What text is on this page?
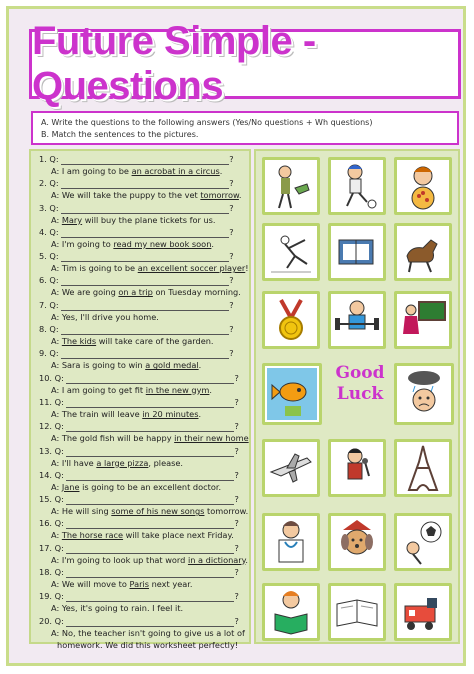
Future Simple - Questions
A. Write the questions to the following answers (Yes/No questions + Wh questions)
B. Match the sentences to the pictures.
1. Q:	?
A: I am going to be an acrobat in a circus.
2. Q:	?
A: We will take the puppy to the vet tomorrow.
3. Q:	?
A: Mary will buy the plane tickets for us.
4. Q:	?
A: I'm going to read my new book soon.
5. Q:	?
A: Tim is going to be an excellent soccer player!
6. Q:	?
A: We are going on a trip on Tuesday morning.
7. Q:	?
A: Yes, I'll drive you home.
8. Q:	?
A: The kids will take care of the garden.
9. Q:	?
A: Sara is going to win a gold medal.
10. Q:	?
A: I am going to get fit in the new gym.
11. Q:	?
A: The train will leave in 20 minutes.
12. Q:	?
A: The gold fish will be happy in their new home
13. Q:	?
A: I'll have a large pizza, please.
14. Q:	?
A: Jane is going to be an excellent doctor.
15. Q:	?
A: He will sing some of his new songs tomorrow.
16. Q:	?
A: The horse race will take place next Friday.
17. Q:	?
A: I'm going to look up that word in a dictionary.
18. Q:	?
A: We will move to Paris next year.
19. Q:	?
A: Yes, it's going to rain. I feel it.
20. Q:	?
A: No, the teacher isn't going to give us a lot of
homework. We did this worksheet perfectly!
Good
Luck
